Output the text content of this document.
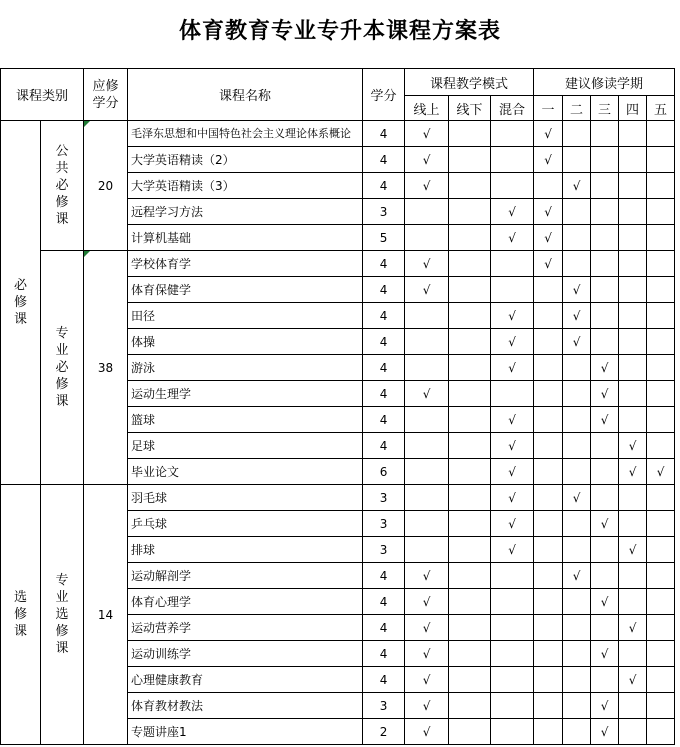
体育教育专业专升本课程方案表
课程类别		应修学分	课程名称	学分	课程教学模式			建议修读学期				
					线上	线下	混合	一	二	三	四	五
必修课	公共必修课	20	毛泽东思想和中国特色社会主义理论体系概论	4	√			√				
			大学英语精读（2）	4	√			√				
			大学英语精读（3）	4	√				√			
			远程学习方法	3			√	√				
			计算机基础	5			√	√				
	专业必修课	38	学校体育学	4	√			√				
			体育保健学	4	√				√			
			田径	4			√		√			
			体操	4			√		√			
			游泳	4			√			√		
			运动生理学	4	√					√		
			篮球	4			√			√		
			足球	4			√				√	
			毕业论文	6			√				√	√
选修课	专业选修课	14	羽毛球	3			√		√			
			乒乓球	3			√			√		
			排球	3			√				√	
			运动解剖学	4	√				√			
			体育心理学	4	√					√		
			运动营养学	4	√						√	
			运动训练学	4	√					√		
			心理健康教育	4	√						√	
			体育教材教法	3	√					√		
			专题讲座1	2	√					√		
